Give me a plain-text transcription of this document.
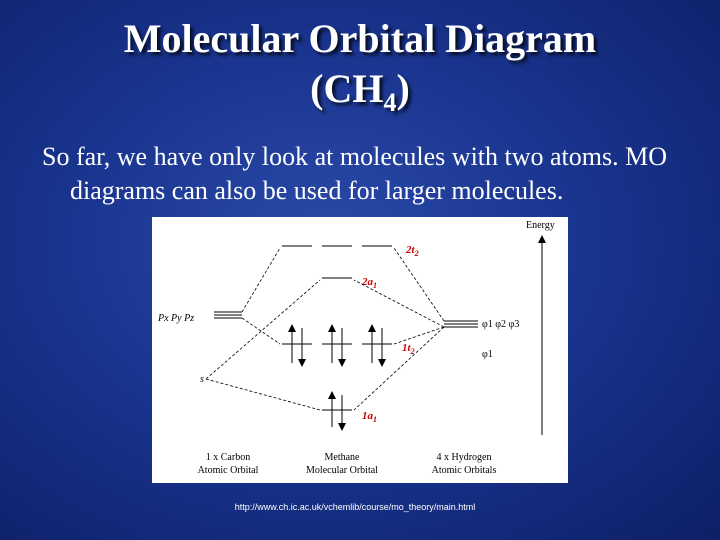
Molecular Orbital Diagram
$(CH_4)$
So far, we have only look at molecules with two atoms. MO diagrams can also be used for larger molecules.
Energy
$2t_2$
$2a_1$
Px Py Pz
s
φ1 φ2 φ3
φ1
$1t_2$
$1a_1$
1 x Carbon
Atomic Orbital
Methane
Molecular Orbital
4 x Hydrogen
Atomic Orbitals
http://www.ch.ic.ac.uk/vchemlib/course/mo_theory/main.html
